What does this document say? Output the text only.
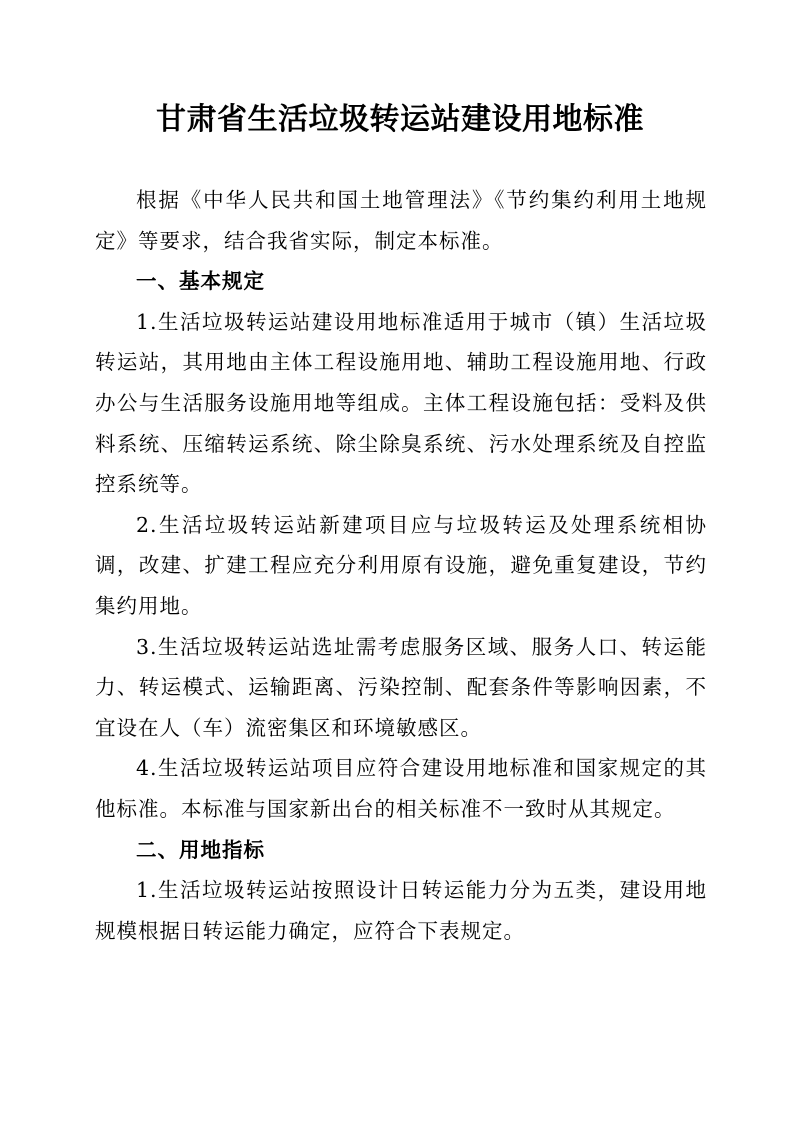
甘肃省生活垃圾转运站建设用地标准

根据《中华人民共和国土地管理法》《节约集约利用土地规定》等要求，结合我省实际，制定本标准。

一、基本规定

1.生活垃圾转运站建设用地标准适用于城市（镇）生活垃圾转运站，其用地由主体工程设施用地、辅助工程设施用地、行政办公与生活服务设施用地等组成。主体工程设施包括：受料及供料系统、压缩转运系统、除尘除臭系统、污水处理系统及自控监控系统等。

2.生活垃圾转运站新建项目应与垃圾转运及处理系统相协调，改建、扩建工程应充分利用原有设施，避免重复建设，节约集约用地。

3.生活垃圾转运站选址需考虑服务区域、服务人口、转运能力、转运模式、运输距离、污染控制、配套条件等影响因素，不宜设在人（车）流密集区和环境敏感区。

4.生活垃圾转运站项目应符合建设用地标准和国家规定的其他标准。本标准与国家新出台的相关标准不一致时从其规定。

二、用地指标

1.生活垃圾转运站按照设计日转运能力分为五类，建设用地规模根据日转运能力确定，应符合下表规定。
